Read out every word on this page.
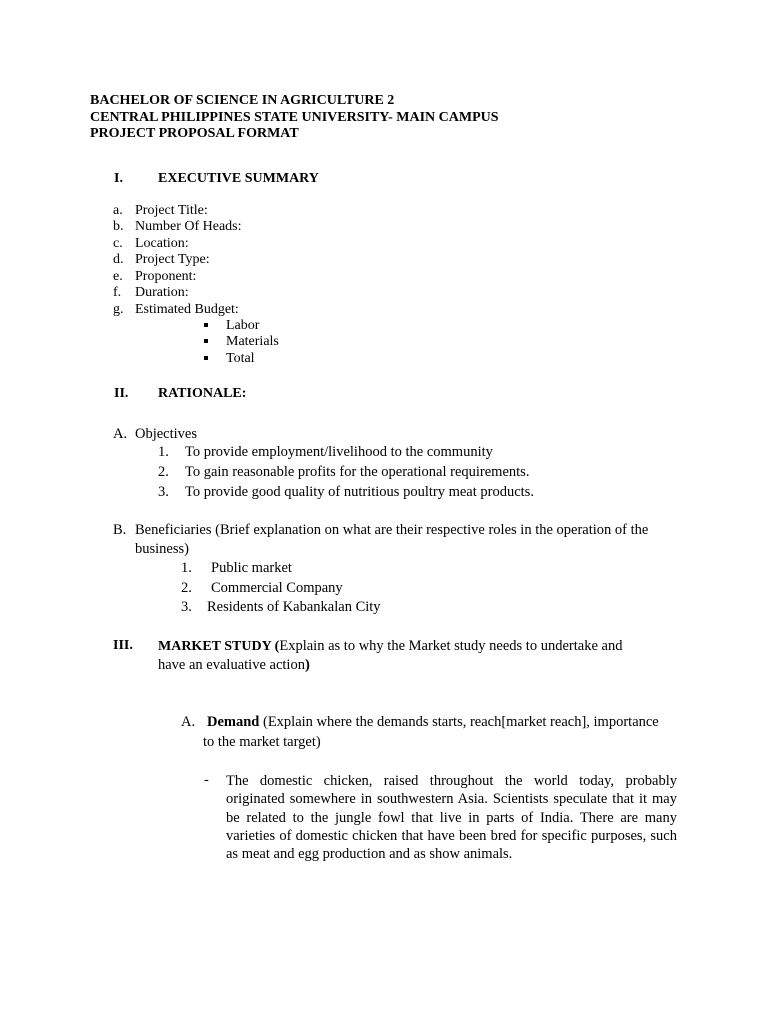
BACHELOR OF SCIENCE IN AGRICULTURE 2
CENTRAL PHILIPPINES STATE UNIVERSITY- MAIN CAMPUS
PROJECT PROPOSAL FORMAT
I.	EXECUTIVE SUMMARY
a. Project Title:
b. Number Of Heads:
c. Location:
d. Project Type:
e. Proponent:
f. Duration:
g. Estimated Budget:
Labor
Materials
Total
II. RATIONALE:
A. Objectives
1. To provide employment/livelihood to the community
2. To gain reasonable profits for the operational requirements.
3. To provide good quality of nutritious poultry meat products.
B. Beneficiaries (Brief explanation on what are their respective roles in the operation of the
business)
1. Public market
2. Commercial Company
3. Residents of Kabankalan City
III. MARKET STUDY (Explain as to why the Market study needs to undertake and
have an evaluative action)
A. Demand (Explain where the demands starts, reach[market reach], importance
to the market target)
- The domestic chicken, raised throughout the world today, probably originated somewhere in southwestern Asia. Scientists speculate that it may be related to the jungle fowl that live in parts of India. There are many varieties of domestic chicken that have been bred for specific purposes, such as meat and egg production and as show animals.
